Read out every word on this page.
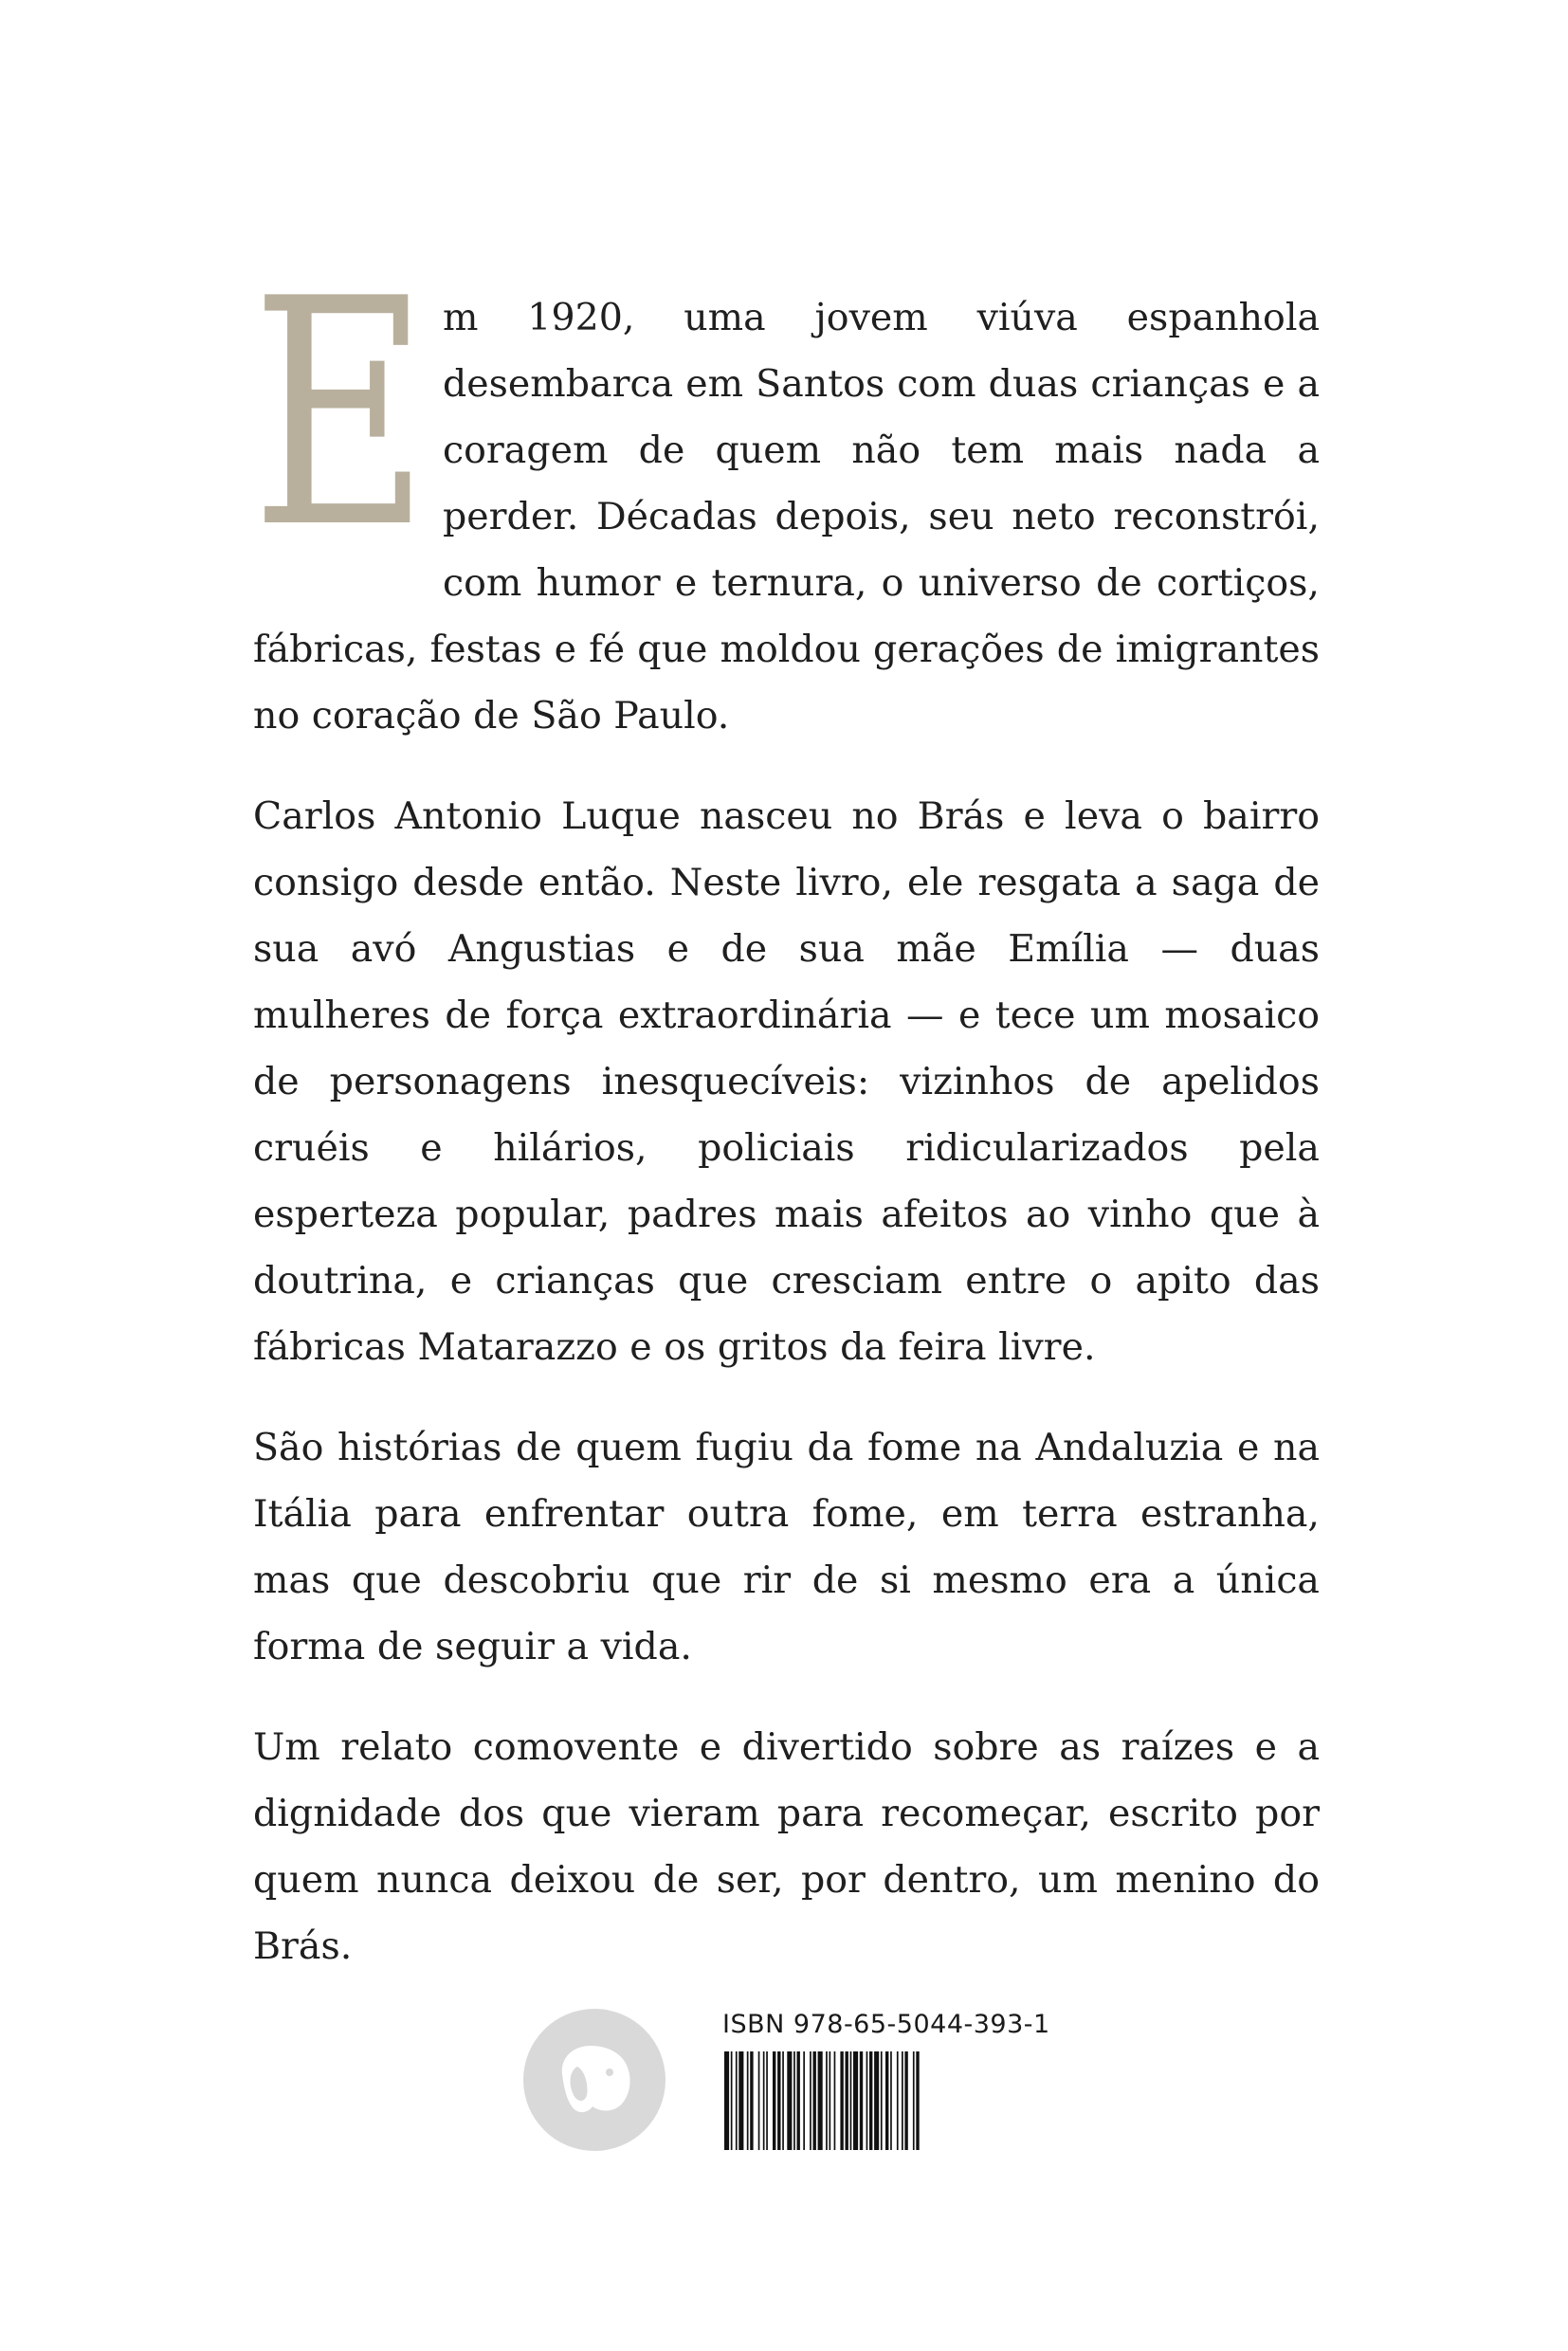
E m 1920, uma jovem viúva espanhola desembarca em Santos com duas crianças e a coragem de quem não tem mais nada a perder. Décadas depois, seu neto reconstrói, com humor e ternura, o universo de cortiços, fábricas, festas e fé que moldou gerações de imigrantes no coração de São Paulo.

Carlos Antonio Luque nasceu no Brás e leva o bairro consigo desde então. Neste livro, ele resgata a saga de sua avó Angustias e de sua mãe Emília — duas mulheres de força extraordinária — e tece um mosaico de personagens inesquecíveis: vizinhos de apelidos cruéis e hilários, policiais ridicularizados pela esperteza popular, padres mais afeitos ao vinho que à doutrina, e crianças que cresciam entre o apito das fábricas Matarazzo e os gritos da feira livre.

São histórias de quem fugiu da fome na Andaluzia e na Itália para enfrentar outra fome, em terra estranha, mas que descobriu que rir de si mesmo era a única forma de seguir a vida.

Um relato comovente e divertido sobre as raízes e a dignidade dos que vieram para recomeçar, escrito por quem nunca deixou de ser, por dentro, um menino do Brás.

ISBN 978-65-5044-393-1
